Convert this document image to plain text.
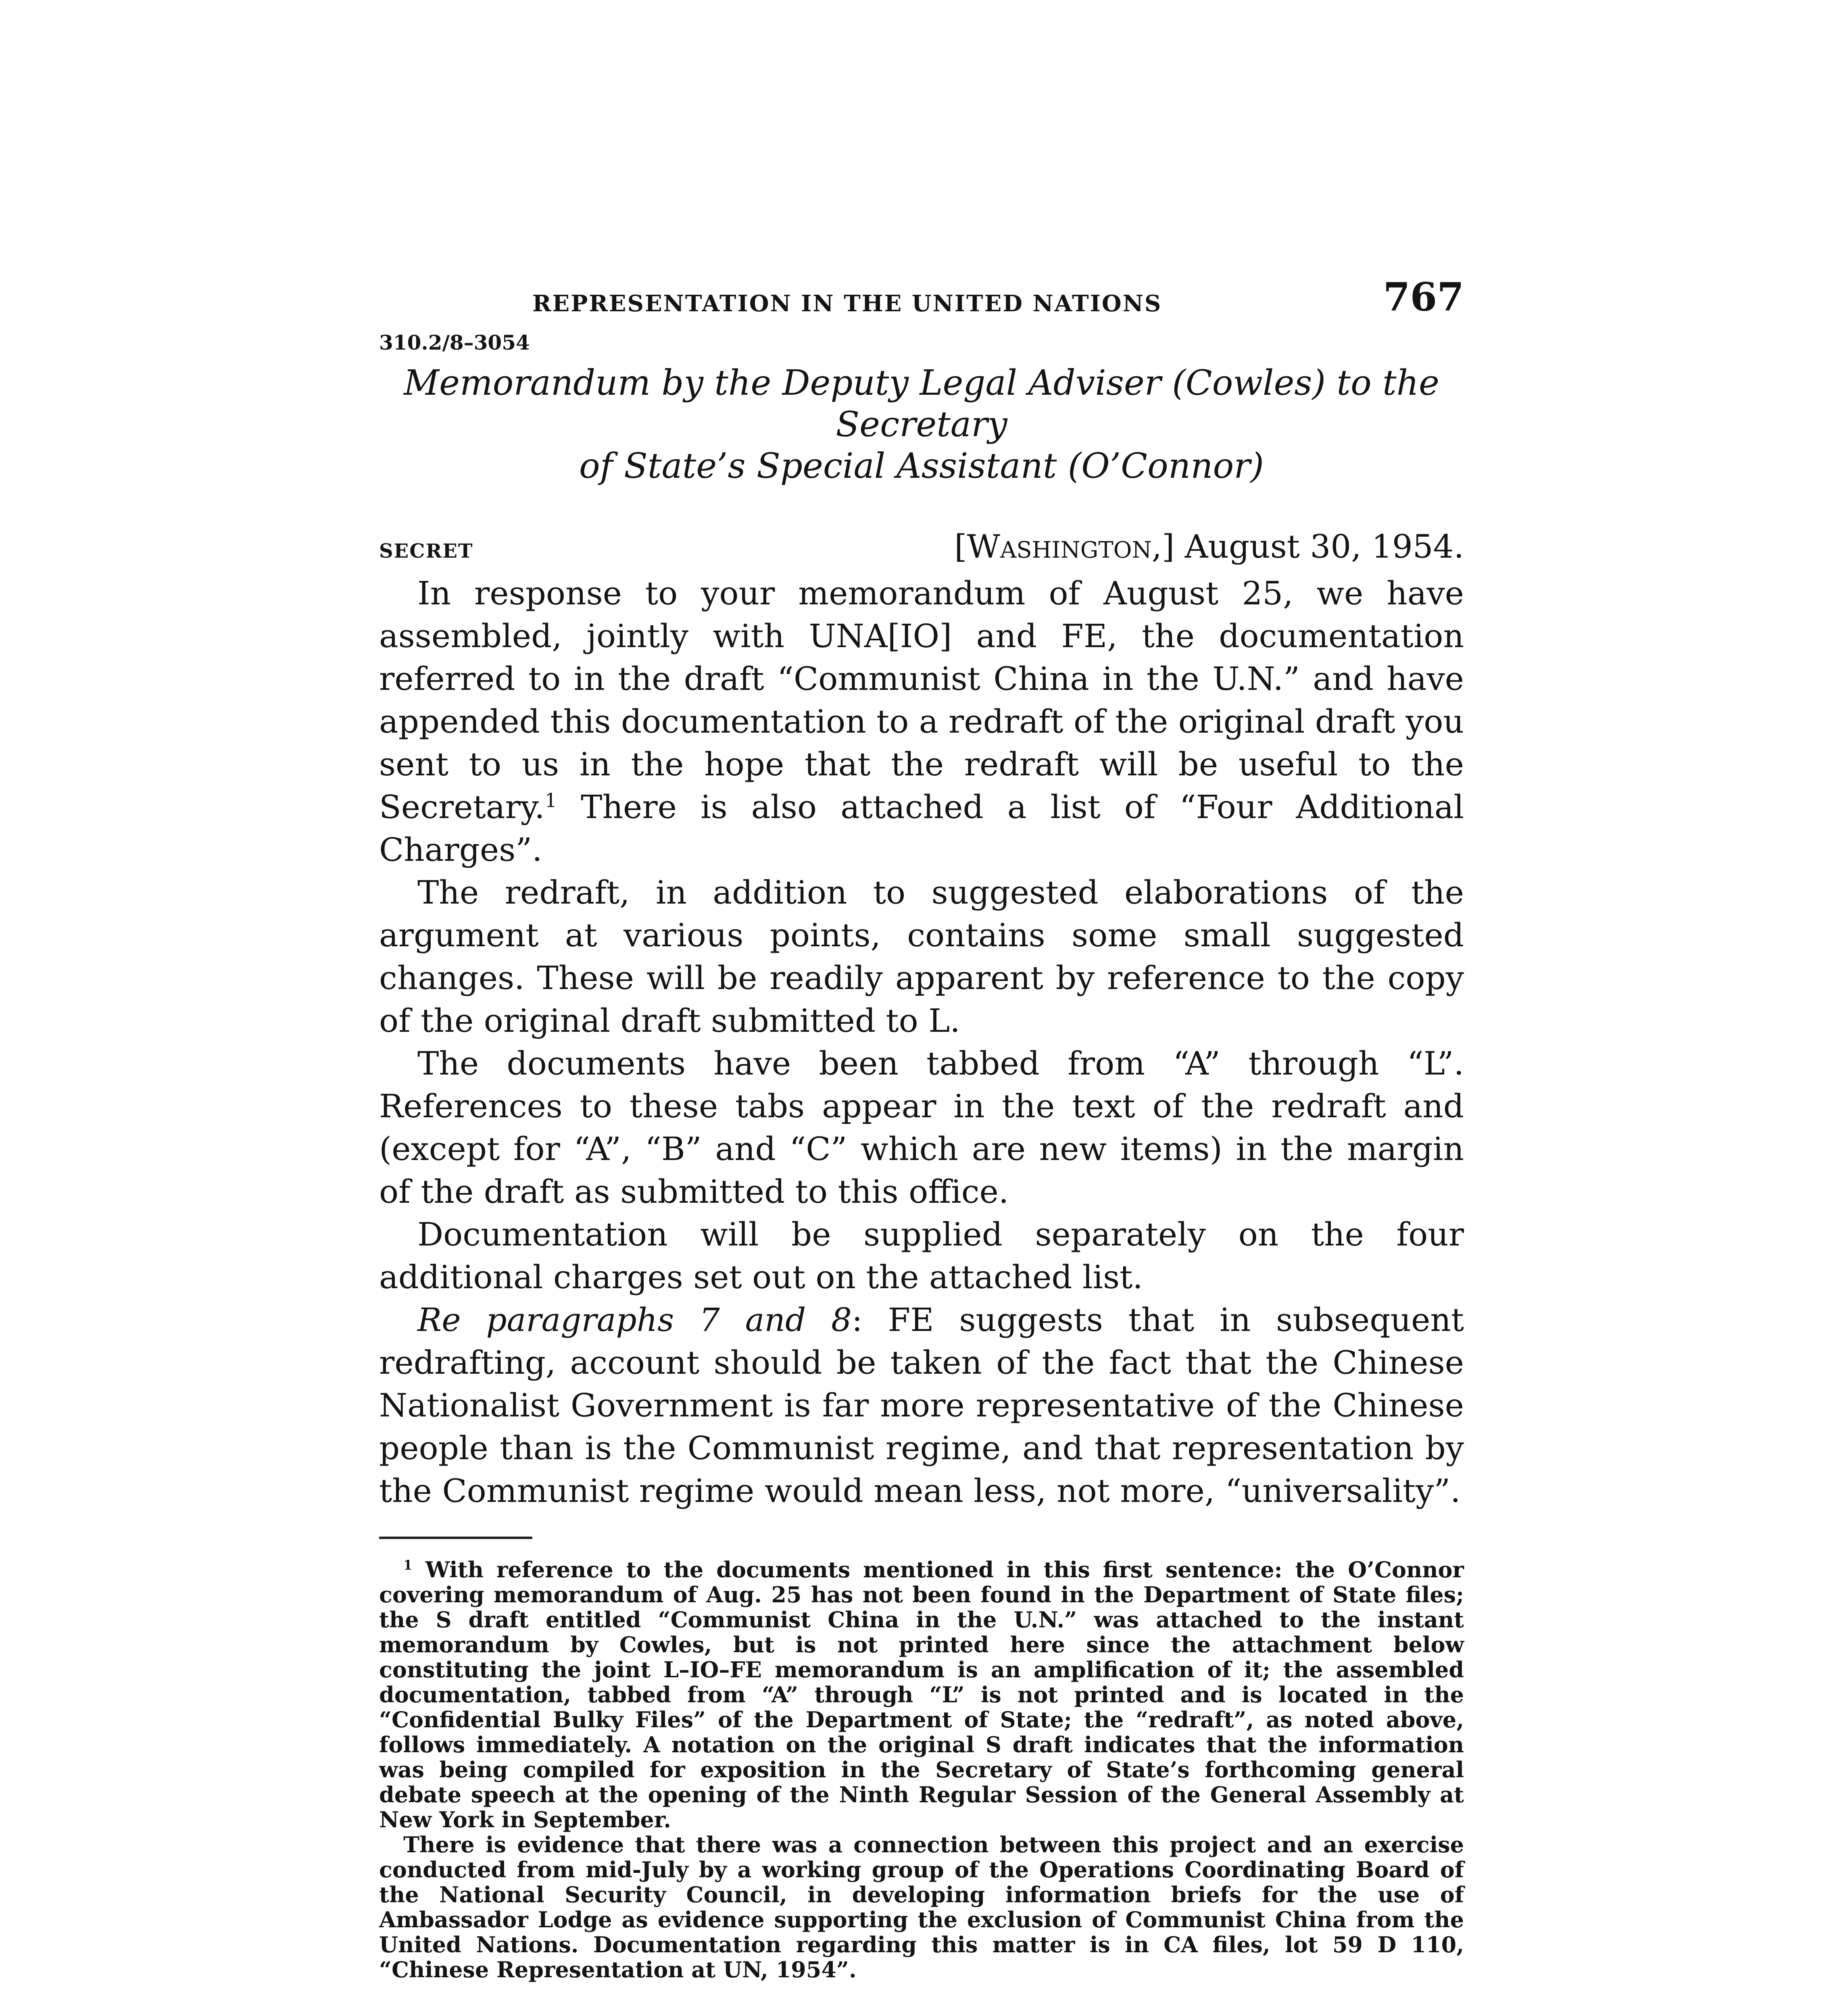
REPRESENTATION IN THE UNITED NATIONS	767
310.2/8–3054
Memorandum by the Deputy Legal Adviser (Cowles) to the Secretary
of State’s Special Assistant (O’Connor)
SECRET	[Washington,] August 30, 1954.

In response to your memorandum of August 25, we have assembled, jointly with UNA[IO] and FE, the documentation referred to in the draft “Communist China in the U.N.” and have appended this documentation to a redraft of the original draft you sent to us in the hope that the redraft will be useful to the Secretary.$^1$ There is also attached a list of “Four Additional Charges”.

The redraft, in addition to suggested elaborations of the argument at various points, contains some small suggested changes. These will be readily apparent by reference to the copy of the original draft submitted to L.

The documents have been tabbed from “A” through “L”. References to these tabs appear in the text of the redraft and (except for “A”, “B” and “C” which are new items) in the margin of the draft as submitted to this office.

Documentation will be supplied separately on the four additional charges set out on the attached list.

Re paragraphs 7 and 8: FE suggests that in subsequent redrafting, account should be taken of the fact that the Chinese Nationalist Government is far more representative of the Chinese people than is the Communist regime, and that representation by the Communist regime would mean less, not more, “universality”.

$^1$ With reference to the documents mentioned in this first sentence: the O’Connor covering memorandum of Aug. 25 has not been found in the Department of State files; the S draft entitled “Communist China in the U.N.” was attached to the instant memorandum by Cowles, but is not printed here since the attachment below constituting the joint L–IO–FE memorandum is an amplification of it; the assembled documentation, tabbed from “A” through “L” is not printed and is located in the “Confidential Bulky Files” of the Department of State; the “redraft”, as noted above, follows immediately. A notation on the original S draft indicates that the information was being compiled for exposition in the Secretary of State’s forthcoming general debate speech at the opening of the Ninth Regular Session of the General Assembly at New York in September.

There is evidence that there was a connection between this project and an exercise conducted from mid-July by a working group of the Operations Coordinating Board of the National Security Council, in developing information briefs for the use of Ambassador Lodge as evidence supporting the exclusion of Communist China from the United Nations. Documentation regarding this matter is in CA files, lot 59 D 110, “Chinese Representation at UN, 1954”.
